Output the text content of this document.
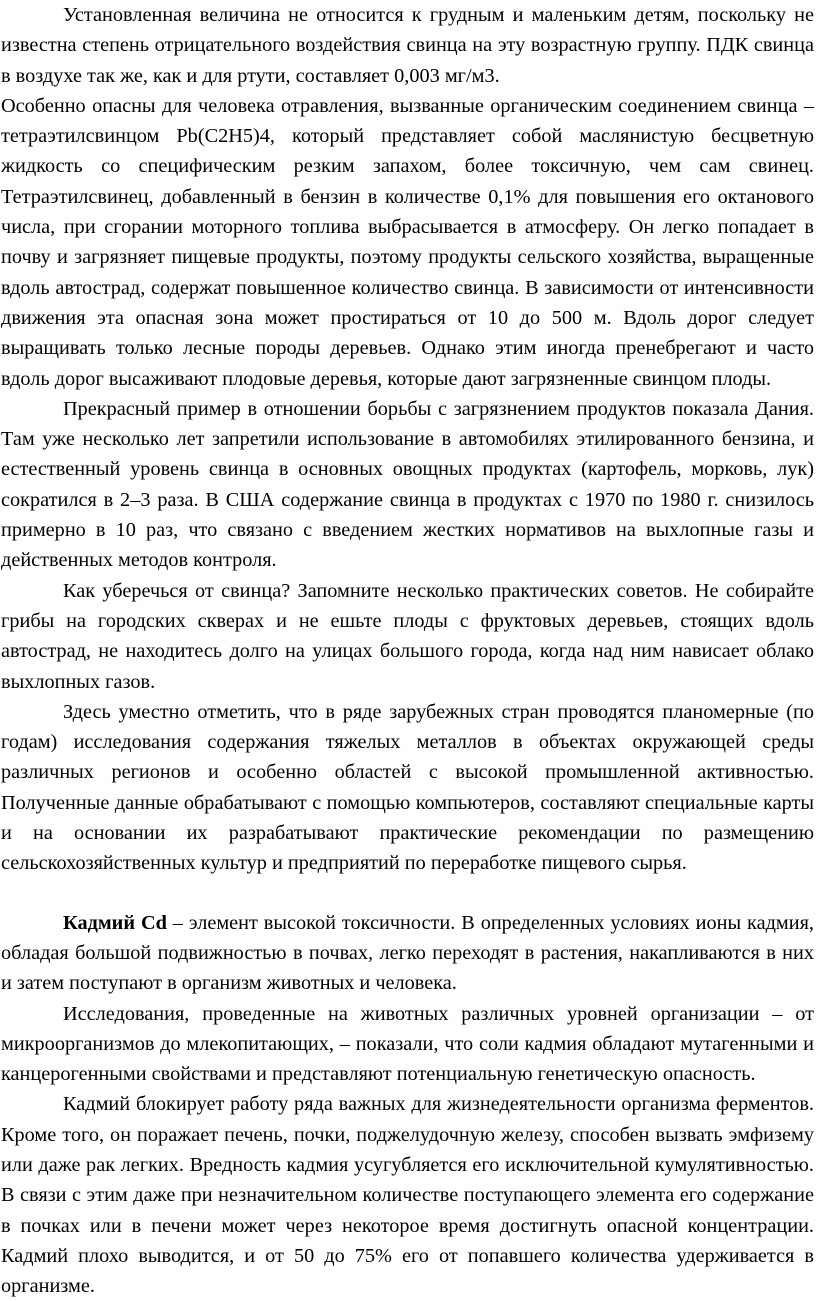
Установленная величина не относится к грудным и маленьким детям, поскольку не известна степень отрицательного воздействия свинца на эту возрастную группу. ПДК свинца в воздухе так же, как и для ртути, составляет 0,003 мг/м3.

Особенно опасны для человека отравления, вызванные органическим соединением свинца – тетраэтилсвинцом Pb(C2H5)4, который представляет собой маслянистую бесцветную жидкость со специфическим резким запахом, более токсичную, чем сам свинец. Тетраэтилсвинец, добавленный в бензин в количестве 0,1% для повышения его октанового числа, при сгорании моторного топлива выбрасывается в атмосферу. Он легко попадает в почву и загрязняет пищевые продукты, поэтому продукты сельского хозяйства, выращенные вдоль автострад, содержат повышенное количество свинца. В зависимости от интенсивности движения эта опасная зона может простираться от 10 до 500 м. Вдоль дорог следует выращивать только лесные породы деревьев. Однако этим иногда пренебрегают и часто вдоль дорог высаживают плодовые деревья, которые дают загрязненные свинцом плоды.

Прекрасный пример в отношении борьбы с загрязнением продуктов показала Дания. Там уже несколько лет запретили использование в автомобилях этилированного бензина, и естественный уровень свинца в основных овощных продуктах (картофель, морковь, лук) сократился в 2–3 раза. В США содержание свинца в продуктах с 1970 по 1980 г. снизилось примерно в 10 раз, что связано с введением жестких нормативов на выхлопные газы и действенных методов контроля.

Как уберечься от свинца? Запомните несколько практических советов. Не собирайте грибы на городских скверах и не ешьте плоды с фруктовых деревьев, стоящих вдоль автострад, не находитесь долго на улицах большого города, когда над ним нависает облако выхлопных газов.

Здесь уместно отметить, что в ряде зарубежных стран проводятся планомерные (по годам) исследования содержания тяжелых металлов в объектах окружающей среды различных регионов и особенно областей с высокой промышленной активностью. Полученные данные обрабатывают с помощью компьютеров, составляют специальные карты и на основании их разрабатывают практические рекомендации по размещению сельскохозяйственных культур и предприятий по переработке пищевого сырья.

Кадмий Cd – элемент высокой токсичности. В определенных условиях ионы кадмия, обладая большой подвижностью в почвах, легко переходят в растения, накапливаются в них и затем поступают в организм животных и человека.

Исследования, проведенные на животных различных уровней организации – от микроорганизмов до млекопитающих, – показали, что соли кадмия обладают мутагенными и канцерогенными свойствами и представляют потенциальную генетическую опасность.

Кадмий блокирует работу ряда важных для жизнедеятельности организма ферментов. Кроме того, он поражает печень, почки, поджелудочную железу, способен вызвать эмфизему или даже рак легких. Вредность кадмия усугубляется его исключительной кумулятивностью. В связи с этим даже при незначительном количестве поступающего элемента его содержание в почках или в печени может через некоторое время достигнуть опасной концентрации. Кадмий плохо выводится, и от 50 до 75% его от попавшего количества удерживается в организме.
